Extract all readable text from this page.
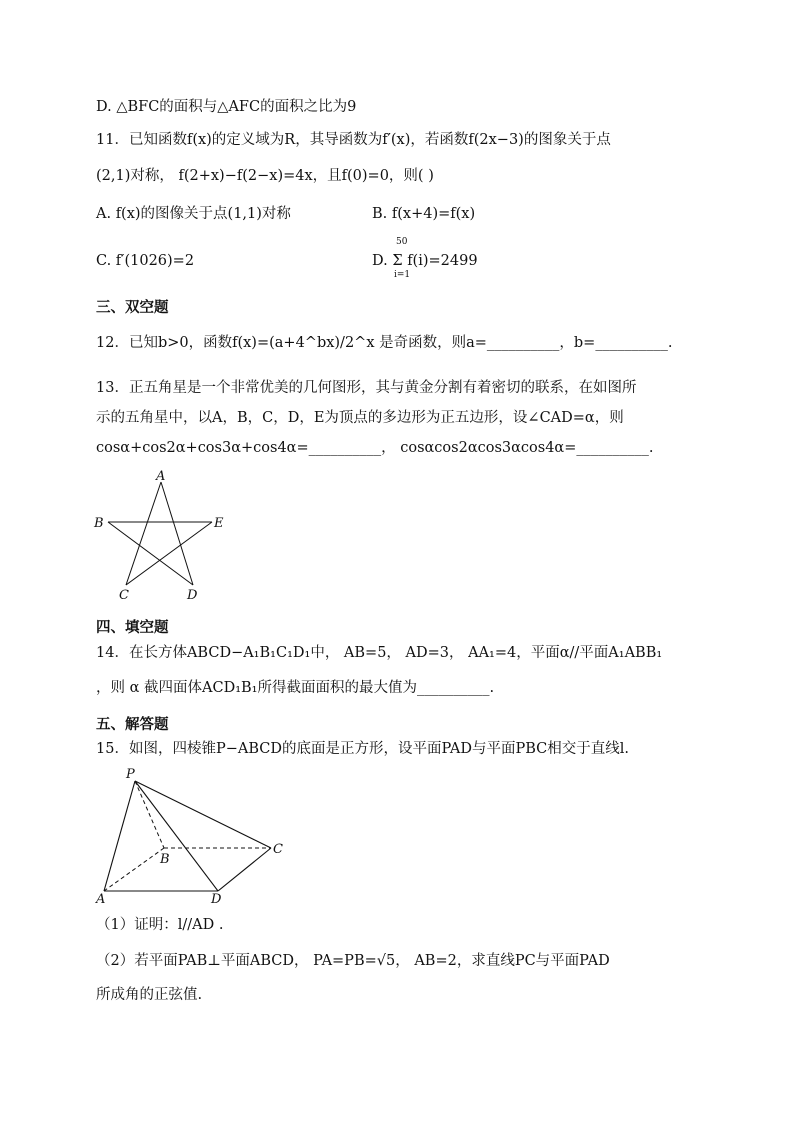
D. △BFC的面积与△AFC的面积之比为9
11．已知函数f(x)的定义域为R，其导函数为f′(x)，若函数f(2x−3)的图象关于点
(2,1)对称， f(2+x)−f(2−x)=4x，且f(0)=0，则( )
A. f(x)的图像关于点(1,1)对称	B. f(x+4)=f(x)
C. f′(1026)=2	D. Σ f(i)=2499
50
i=1
三、双空题
12．已知b>0，函数f(x)=(a+4^bx)/2^x 是奇函数，则a=__________，b=__________.
13．正五角星是一个非常优美的几何图形，其与黄金分割有着密切的联系，在如图所
示的五角星中，以A，B，C，D，E为顶点的多边形为正五边形，设∠CAD=α，则
cosα+cos2α+cos3α+cos4α=__________， cosαcos2αcos3αcos4α=__________.
A
B	E
C	D
四、填空题
14．在长方体ABCD−A₁B₁C₁D₁中， AB=5， AD=3， AA₁=4，平面α//平面A₁ABB₁
，则 α 截四面体ACD₁B₁所得截面面积的最大值为__________.
五、解答题
15．如图，四棱锥P−ABCD的底面是正方形，设平面PAD与平面PBC相交于直线l.
P
B
C
A	D
（1）证明：l//AD .
（2）若平面PAB⊥平面ABCD， PA=PB=√5， AB=2，求直线PC与平面PAD
所成角的正弦值.
